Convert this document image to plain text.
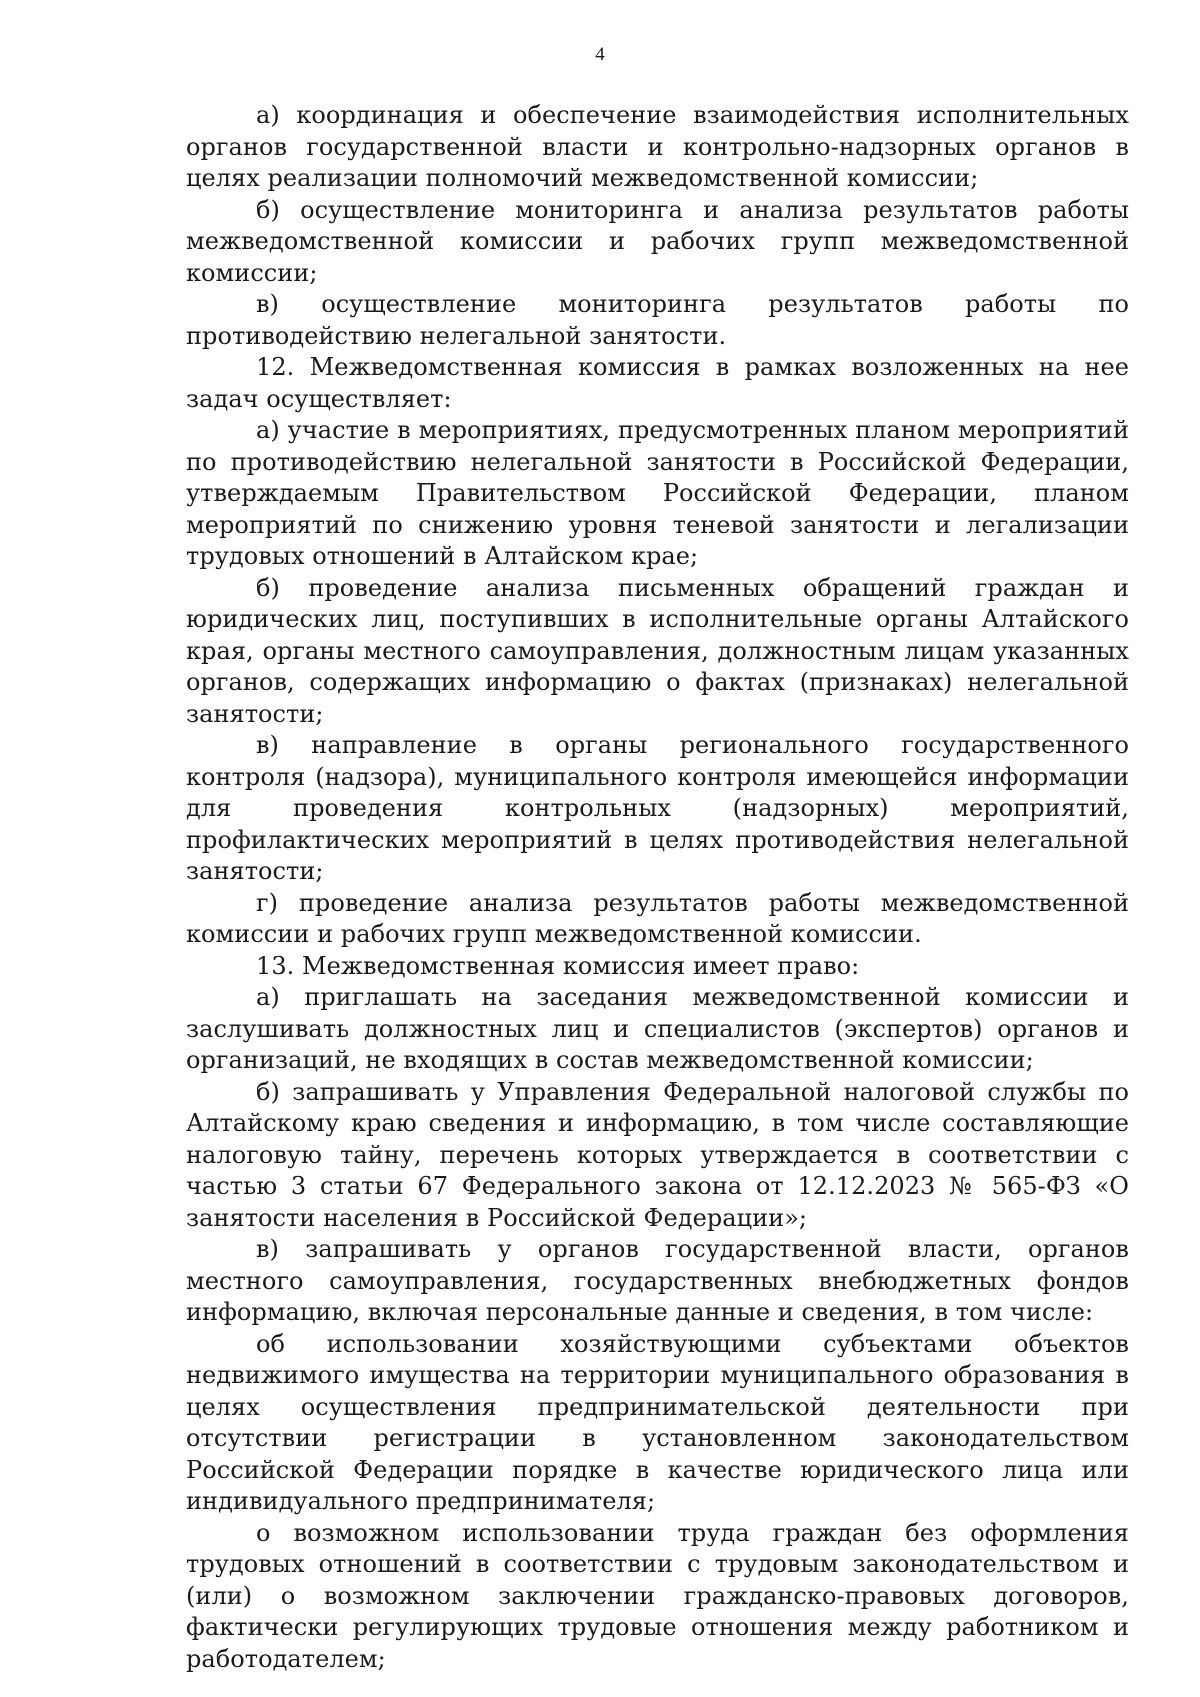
4

а) координация и обеспечение взаимодействия исполнительных органов государственной власти и контрольно-надзорных органов в целях реализации полномочий межведомственной комиссии;

б) осуществление мониторинга и анализа результатов работы межведомственной комиссии и рабочих групп межведомственной комиссии;

в) осуществление мониторинга результатов работы по противодействию нелегальной занятости.

12. Межведомственная комиссия в рамках возложенных на нее задач осуществляет:

а) участие в мероприятиях, предусмотренных планом мероприятий по противодействию нелегальной занятости в Российской Федерации, утверждаемым Правительством Российской Федерации, планом мероприятий по снижению уровня теневой занятости и легализации трудовых отношений в Алтайском крае;

б) проведение анализа письменных обращений граждан и юридических лиц, поступивших в исполнительные органы Алтайского края, органы местного самоуправления, должностным лицам указанных органов, содержащих информацию о фактах (признаках) нелегальной занятости;

в) направление в органы регионального государственного контроля (надзора), муниципального контроля имеющейся информации для проведения контрольных (надзорных) мероприятий, профилактических мероприятий в целях противодействия нелегальной занятости;

г) проведение анализа результатов работы межведомственной комиссии и рабочих групп межведомственной комиссии.

13. Межведомственная комиссия имеет право:

а) приглашать на заседания межведомственной комиссии и заслушивать должностных лиц и специалистов (экспертов) органов и организаций, не входящих в состав межведомственной комиссии;

б) запрашивать у Управления Федеральной налоговой службы по Алтайскому краю сведения и информацию, в том числе составляющие налоговую тайну, перечень которых утверждается в соответствии с частью 3 статьи 67 Федерального закона от 12.12.2023 № 565-ФЗ «О занятости населения в Российской Федерации»;

в) запрашивать у органов государственной власти, органов местного самоуправления, государственных внебюджетных фондов информацию, включая персональные данные и сведения, в том числе:

об использовании хозяйствующими субъектами объектов недвижимого имущества на территории муниципального образования в целях осуществления предпринимательской деятельности при отсутствии регистрации в установленном законодательством Российской Федерации порядке в качестве юридического лица или индивидуального предпринимателя;

о возможном использовании труда граждан без оформления трудовых отношений в соответствии с трудовым законодательством и (или) о возможном заключении гражданско-правовых договоров, фактически регулирующих трудовые отношения между работником и работодателем;
